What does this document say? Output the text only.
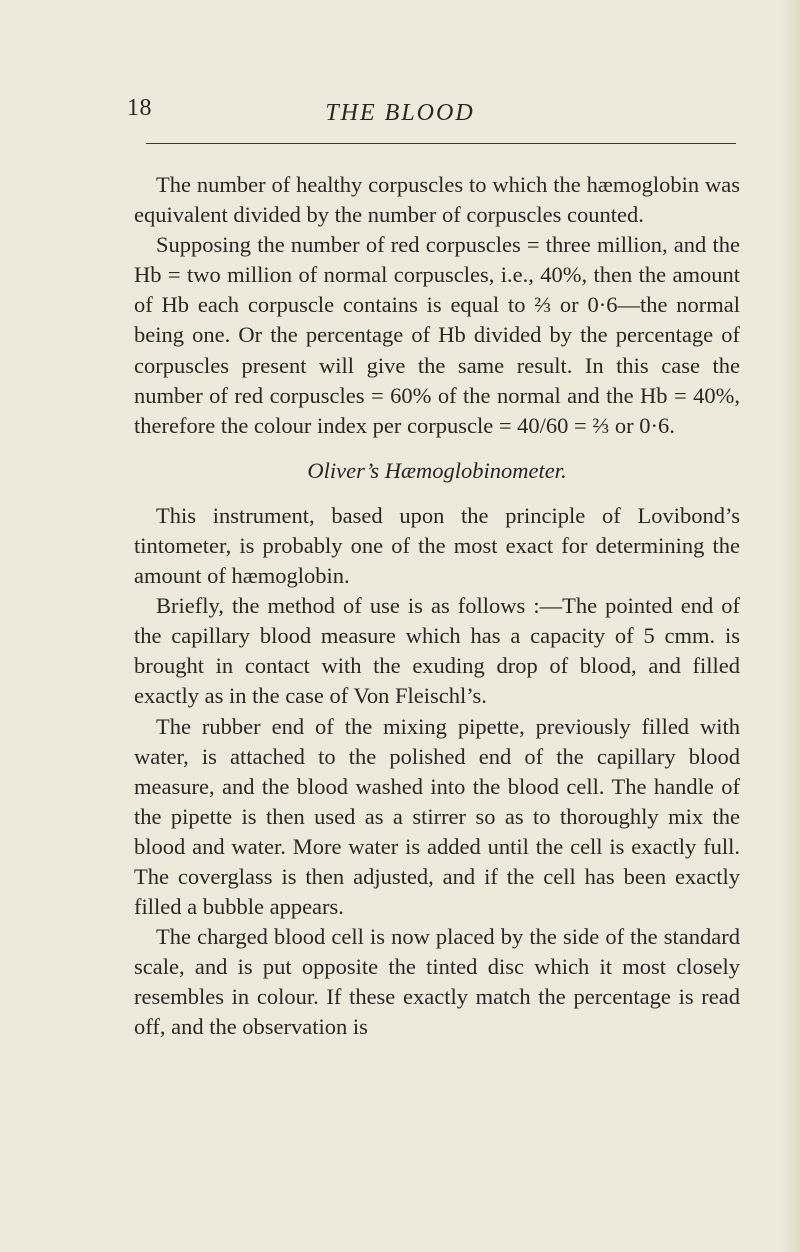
18	THE BLOOD

The number of healthy corpuscles to which the hæmoglobin was equivalent divided by the number of corpuscles counted.

Supposing the number of red corpuscles = three million, and the Hb = two million of normal corpuscles, i.e., 40%, then the amount of Hb each corpuscle contains is equal to ⅔ or 0·6—the normal being one. Or the percentage of Hb divided by the percentage of corpuscles present will give the same result. In this case the number of red corpuscles = 60% of the normal and the Hb = 40%, therefore the colour index per corpuscle = 40/60 = ⅔ or 0·6.

Oliver’s Hæmoglobinometer.

This instrument, based upon the principle of Lovibond’s tintometer, is probably one of the most exact for determining the amount of hæmoglobin.

Briefly, the method of use is as follows :—The pointed end of the capillary blood measure which has a capacity of 5 cmm. is brought in contact with the exuding drop of blood, and filled exactly as in the case of Von Fleischl’s.

The rubber end of the mixing pipette, previously filled with water, is attached to the polished end of the capillary blood measure, and the blood washed into the blood cell. The handle of the pipette is then used as a stirrer so as to thoroughly mix the blood and water. More water is added until the cell is exactly full. The coverglass is then adjusted, and if the cell has been exactly filled a bubble appears.

The charged blood cell is now placed by the side of the standard scale, and is put opposite the tinted disc which it most closely resembles in colour. If these exactly match the percentage is read off, and the observation is
